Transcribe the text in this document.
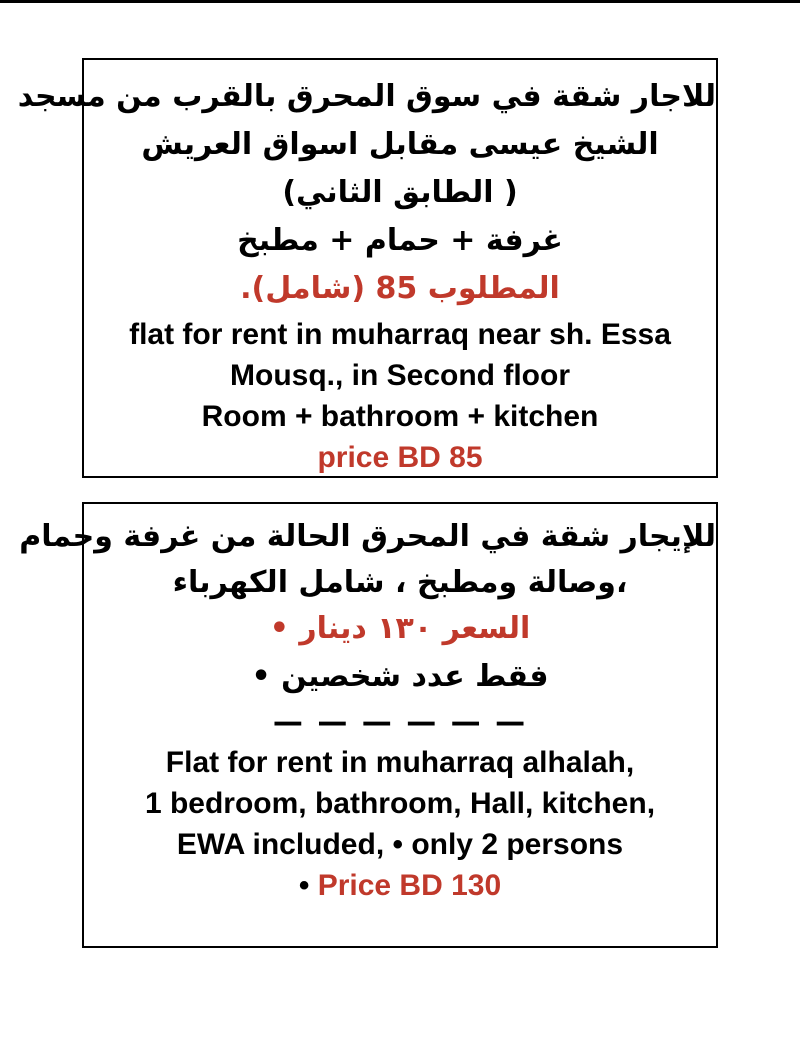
للاجار شقة في سوق المحرق بالقرب من مسجد
الشيخ عيسى مقابل اسواق العريش
( الطابق الثاني)
غرفة + حمام + مطبخ
المطلوب 85 (شامل).
flat for rent in muharraq near sh. Essa
Mousq., in Second floor
Room + bathroom + kitchen
price BD 85
للإيجار شقة في المحرق الحالة من غرفة وحمام
،وصالة ومطبخ ، شامل الكهرباء
السعر ١٣٠ دينار •
فقط عدد شخصين •
— — — — — —
Flat for rent in muharraq alhalah,
1 bedroom, bathroom, Hall, kitchen,
EWA included, • only 2 persons
• Price BD 130
